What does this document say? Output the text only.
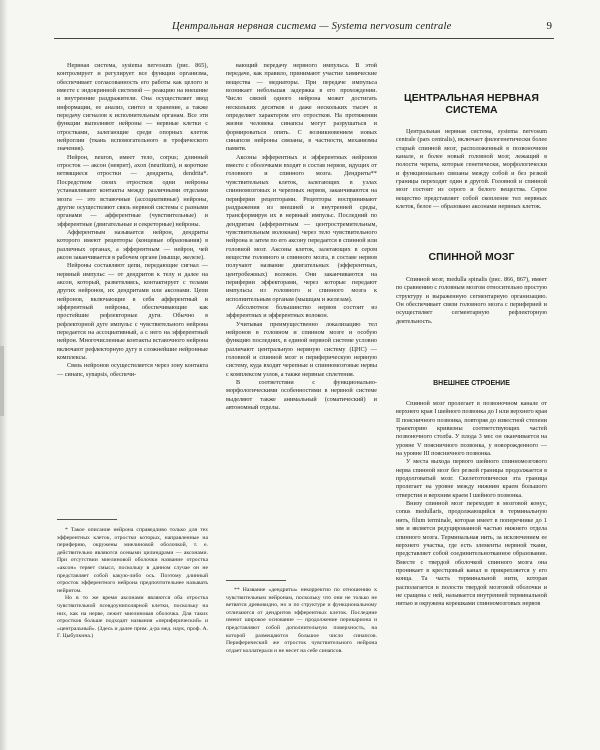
Центральная нервная система — Systema nervosum centrale	9

Нервная система, systema nervosum (рис. 865), контролирует и регулирует все функции организма, обеспечивает согласованность его работы как целого и вместе с эндокринной системой — реакцию на внешние и внутренние раздражители. Она осуществляет ввод информации, ее анализ, синтез и хранение, а также передачу сигналов к исполнительным органам. Все эти функции выполняют нейроны — нервные клетки с отростками, залегающие среди опорных клеток нейроглии (ткань вспомогательного и трофического значения).

Нейрон, neuron, имеет тело, corpus; длинный отросток — аксон (неврит), axon (neuritum), и короткие ветвящиеся отростки — дендриты, dendrita*. Посредством своих отростков одни нейроны устанавливают контакты между различными отделами мозга — это вставочные (ассоциативные) нейроны, другие осуществляют связь нервной системы с разными органами — афферентные (чувствительные) и эфферентные (двигательные и секреторные) нейроны.

Афферентным называется нейрон, дендриты которого имеют рецепторы (концевые образования) в различных органах, а эфферентным — нейрон, чей аксон заканчивается в рабочем органе (мышце, железе).

Нейроны составляют цепи, передающие сигнал — нервный импульс — от дендритов к телу и далее на аксон, который, разветвляясь, контактирует с телами других нейронов, их дендритами или аксонами. Цепи нейронов, включающие в себя афферентный и эфферентный нейроны, обеспечивающие как простейшие рефлекторные дуги. Обычно в рефлекторной дуге импульс с чувствительного нейрона передается на ассоциативный, а с него на эфферентный нейрон. Многочисленные контакты вставочного нейрона включают рефлекторную дугу в сложнейшие нейронные комплексы.

Связь нейронов осуществляется через зону контакта — синапс, synapsis, обеспечи-

* Такое описание нейрона справедливо только для тех эфферентных клеток, отростки которых, направленные на периферию, окружены миелиновой оболочкой, т. е. действительно являются осевыми цилиндрами — аксонами. При отсутствии миелиновой оболочки название отростка «аксон» теряет смысл, поскольку в данном случае он не представляет собой какую-либо ось. Поэтому длинный отросток эфферентного нейрона предпочтительнее называть нейритом.

Но в то же время аксонами являются оба отростка чувствительной псевдоуниполярной клетки, поскольку на них, как на нерве, лежит миелиновая оболочка. Для таких отростков больше подходят названия «периферический» и «центральный». (Здесь и далее прим. д-ра мед. наук, проф. А. Г. Цыбулкина.)

вающий передачу нервного импульса. В этой передаче, как правило, принимают участие химические вещества — медиаторы. При передаче импульса возникает небольшая задержка в его прохождении. Число связей одного нейрона может достигать нескольких десятков и даже нескольких тысяч и определяет характером его отростков. На протяжении жизни человека синапсы могут разрушаться и формироваться опять. С возникновением новых синапсов нейроны связаны, в частности, механизмы памяти.

Аксоны эфферентных и эфферентных нейронов вместе с оболочками входят в состав нервов, идущих от головного и спинного мозга. Дендриты** чувствительных клеток, залегающих в узлах спинномозговых и черепных нервов, заканчиваются на периферии рецепторами. Рецепторы воспринимают раздражения из внешней и внутренней среды, трансформируя их в нервный импульс. Последний по дендритам (афферентным — центростремительным, чувствительным волокнам) через тело чувствительного нейрона и затем по его аксону передается в спинной или головной мозг. Аксоны клеток, залегающих в сером веществе головного и спинного мозга, в составе нервов получают название двигательных (эфферентных, центробежных) волокон. Они заканчиваются на периферии эффекторами, через которые передают импульсы из головного и спинного мозга к исполнительным органам (мышцам и железам).

Абсолютное большинство нервов состоит из эфферентных и эфферентных волокон.

Учитывая преимущественно локализацию тел нейронов в головном и спинном мозге и особую функцию последних, в единой нервной системе условно различают центральную нервную систему (ЦНС) — головной и спинной мозг и периферическую нервную систему, куда входят черепные и спинномозговые нервы с комплексом узлов, а также нервные сплетения.

В соответствии с функционально-морфологическими особенностями в нервной системе выделяют также анимальный (соматический) и автономный отделы.

** Название «дендриты» некорректно по отношению к чувствительным нейронам, поскольку что они не только не ветвятся древовидно, но и по структуре и функциональному отличаются от дендритов эфферентных клеток. Последние имеют широкое основание — продолжение перикариона и представляют собой дополнительную поверхность, на которой размещаются большое число синапсов. Периферический же отросток чувствительного нейрона отдает коллатерали и не несет на себе синапсов.

ЦЕНТРАЛЬНАЯ НЕРВНАЯ СИСТЕМА

Центральная нервная система, systema nervosum centrale (pars centralis), включает филогенетически более старый спинной мозг, расположенный в позвоночном канале, и более новый головной мозг, лежащий в полости черепа, которые генетически, морфологически и функционально связаны между собой и без резкой границы переходят один в другой. Головной и спинной мозг состоит из серого и белого вещества. Серое вещество представляет собой скопление тел нервных клеток, белое — образовано аксонами нервных клеток.

СПИННОЙ МОЗГ

Спинной мозг, medulla spinalis (рис. 866, 867), имеет по сравнению с головным мозгом относительно простую структуру и выраженную сегментарную организацию. Он обеспечивает связи головного мозга с периферией и осуществляет сегментарную рефлекторную деятельность.

ВНЕШНЕЕ СТРОЕНИЕ

Спинной мозг пролегает в позвоночном канале от верхнего края I шейного позвонка до I или верхнего края II поясничного позвонка, повторяя до известной степени траекторию кривизны соответствующих частей позвоночного столба. У плода 3 мес он оканчивается на уровне V поясничного позвонка, у новорожденного — на уровне III поясничного позвонка.

У места выхода первого шейного спинномозгового нерва спинной мозг без резкой границы продолжается в продолговатый мозг. Скелетотопически эта граница пролегает на уровне между нижним краем большого отверстия и верхним краем I шейного позвонка.

Внизу спинной мозг переходит в мозговой конус, conus medullaris, продолжающийся в терминальную нить, filum terminale, которая имеет в поперечнике до 1 мм и является редуцированной частью нижнего отдела спинного мозга. Терминальная нить, за исключением ее верхнего участка, где есть элементы нервной ткани, представляет собой соединительнотканное образование. Вместе с твердой оболочкой спинного мозга она проникает в крестцовый канал и прикрепляется у его конца. Та часть терминальной нити, которая располагается в полости твердой мозговой оболочки и не сращена с ней, называется внутренней терминальной нитью и окружена корешками спинномозговых нервов
